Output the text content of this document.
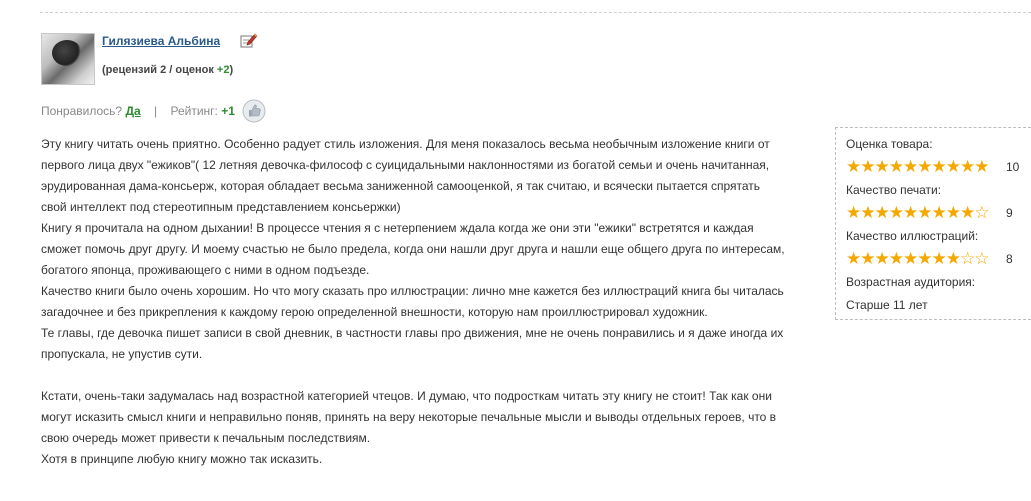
Гилязиева Альбина
(рецензий 2 / оценок +2)
Понравилось? Да | Рейтинг: +1

Эту книгу читать очень приятно. Особенно радует стиль изложения. Для меня показалось весьма необычным изложение книги от первого лица двух "ежиков"( 12 летняя девочка-философ с суицидальными наклонностями из богатой семьи и очень начитанная, эрудированная дама-консьерж, которая обладает весьма заниженной самооценкой, я так считаю, и всячески пытается спрятать свой интеллект под стереотипным представлением консьержки)

Книгу я прочитала на одном дыхании! В процессе чтения я с нетерпением ждала когда же они эти "ежики" встретятся и каждая сможет помочь друг другу. И моему счастью не было предела, когда они нашли друг друга и нашли еще общего друга по интересам, богатого японца, проживающего с ними в одном подъезде.

Качество книги было очень хорошим. Но что могу сказать про иллюстрации: лично мне кажется без иллюстраций книга бы читалась загадочнее и без прикрепления к каждому герою определенной внешности, которую нам проиллюстрировал художник.

Те главы, где девочка пишет записи в свой дневник, в частности главы про движения, мне не очень понравились и я даже иногда их пропускала, не упустив сути.

Кстати, очень-таки задумалась над возрастной категорией чтецов. И думаю, что подросткам читать эту книгу не стоит! Так как они могут исказить смысл книги и неправильно поняв, принять на веру некоторые печальные мысли и выводы отдельных героев, что в свою очередь может привести к печальным последствиям.

Хотя в принципе любую книгу можно так исказить.

Оценка товара:
★★★★★★★★★★ 10
Качество печати:
★★★★★★★★★☆ 9
Качество иллюстраций:
★★★★★★★★☆☆ 8
Возрастная аудитория:
Старше 11 лет
